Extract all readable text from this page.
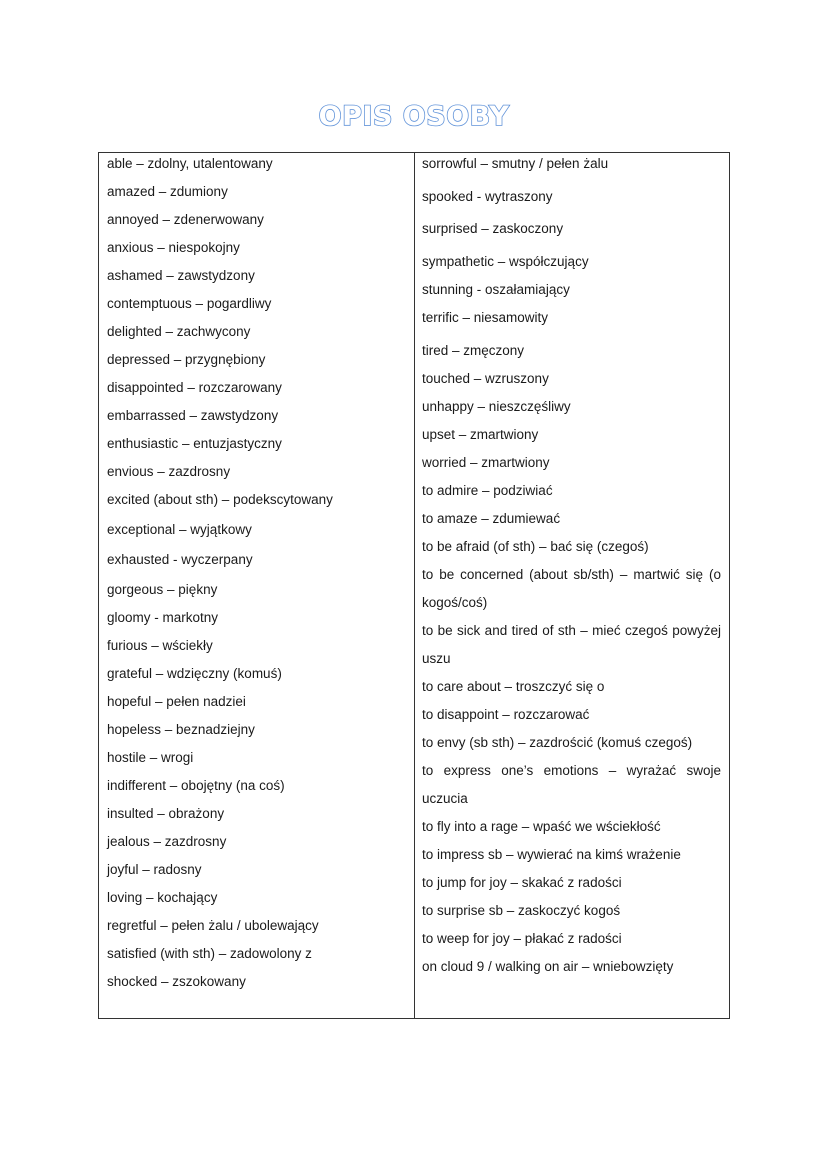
OPIS OSOBY
able – zdolny, utalentowany
amazed – zdumiony
annoyed – zdenerwowany
anxious – niespokojny
ashamed – zawstydzony
contemptuous – pogardliwy
delighted – zachwycony
depressed – przygnębiony
disappointed – rozczarowany
embarrassed – zawstydzony
enthusiastic – entuzjastyczny
envious – zazdrosny
excited (about sth) – podekscytowany
exceptional – wyjątkowy
exhausted - wyczerpany
gorgeous – piękny
gloomy - markotny
furious – wściekły
grateful – wdzięczny (komuś)
hopeful – pełen nadziei
hopeless – beznadziejny
hostile – wrogi
indifferent – obojętny (na coś)
insulted – obrażony
jealous – zazdrosny
joyful – radosny
loving – kochający
regretful – pełen żalu / ubolewający
satisfied (with sth) – zadowolony z
shocked – zszokowany
sorrowful – smutny / pełen żalu
spooked - wytraszony
surprised – zaskoczony
sympathetic – współczujący
stunning - oszałamiający
terrific – niesamowity
tired – zmęczony
touched – wzruszony
unhappy – nieszczęśliwy
upset – zmartwiony
worried – zmartwiony
to admire – podziwiać
to amaze – zdumiewać
to be afraid (of sth) – bać się (czegoś)
to be concerned (about sb/sth) – martwić się (o
kogoś/coś)
to be sick and tired of sth – mieć czegoś powyżej
uszu
to care about – troszczyć się o
to disappoint – rozczarować
to envy (sb sth) – zazdrościć (komuś czegoś)
to express one’s emotions – wyrażać swoje
uczucia
to fly into a rage – wpaść we wściekłość
to impress sb – wywierać na kimś wrażenie
to jump for joy – skakać z radości
to surprise sb – zaskoczyć kogoś
to weep for joy – płakać z radości
on cloud 9 / walking on air – wniebowzięty
